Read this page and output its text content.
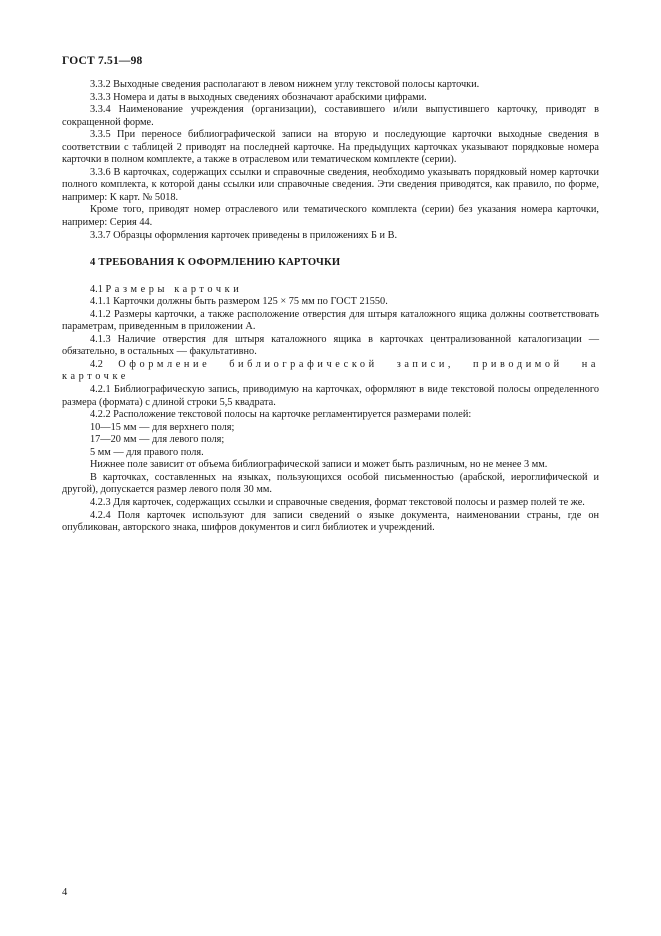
ГОСТ 7.51—98

3.3.2 Выходные сведения располагают в левом нижнем углу текстовой полосы карточки.

3.3.3 Номера и даты в выходных сведениях обозначают арабскими цифрами.

3.3.4 Наименование учреждения (организации), составившего и/или выпустившего карточку, приводят в сокращенной форме.

3.3.5 При переносе библиографической записи на вторую и последующие карточки выходные сведения в соответствии с таблицей 2 приводят на последней карточке. На предыдущих карточках указывают порядковые номера карточки в полном комплекте, а также в отраслевом или тематическом комплекте (серии).

3.3.6 В карточках, содержащих ссылки и справочные сведения, необходимо указывать порядковый номер карточки полного комплекта, к которой даны ссылки или справочные сведения. Эти сведения приводятся, как правило, по форме, например: К карт. № 5018.

Кроме того, приводят номер отраслевого или тематического комплекта (серии) без указания номера карточки, например: Серия 44.

3.3.7 Образцы оформления карточек приведены в приложениях Б и В.

4 ТРЕБОВАНИЯ К ОФОРМЛЕНИЮ КАРТОЧКИ

4.1 Размеры карточки

4.1.1 Карточки должны быть размером 125 × 75 мм по ГОСТ 21550.

4.1.2 Размеры карточки, а также расположение отверстия для штыря каталожного ящика должны соответствовать параметрам, приведенным в приложении А.

4.1.3 Наличие отверстия для штыря каталожного ящика в карточках централизованной каталогизации — обязательно, в остальных — факультативно.

4.2 Оформление библиографической записи, приводимой на карточке

4.2.1 Библиографическую запись, приводимую на карточках, оформляют в виде текстовой полосы определенного размера (формата) с длиной строки 5,5 квадрата.

4.2.2 Расположение текстовой полосы на карточке регламентируется размерами полей:

10—15 мм — для верхнего поля;

17—20 мм — для левого поля;

5 мм — для правого поля.

Нижнее поле зависит от объема библиографической записи и может быть различным, но не менее 3 мм.

В карточках, составленных на языках, пользующихся особой письменностью (арабской, иероглифической и другой), допускается размер левого поля 30 мм.

4.2.3 Для карточек, содержащих ссылки и справочные сведения, формат текстовой полосы и размер полей те же.

4.2.4 Поля карточек используют для записи сведений о языке документа, наименовании страны, где он опубликован, авторского знака, шифров документов и сигл библиотек и учреждений.

4
